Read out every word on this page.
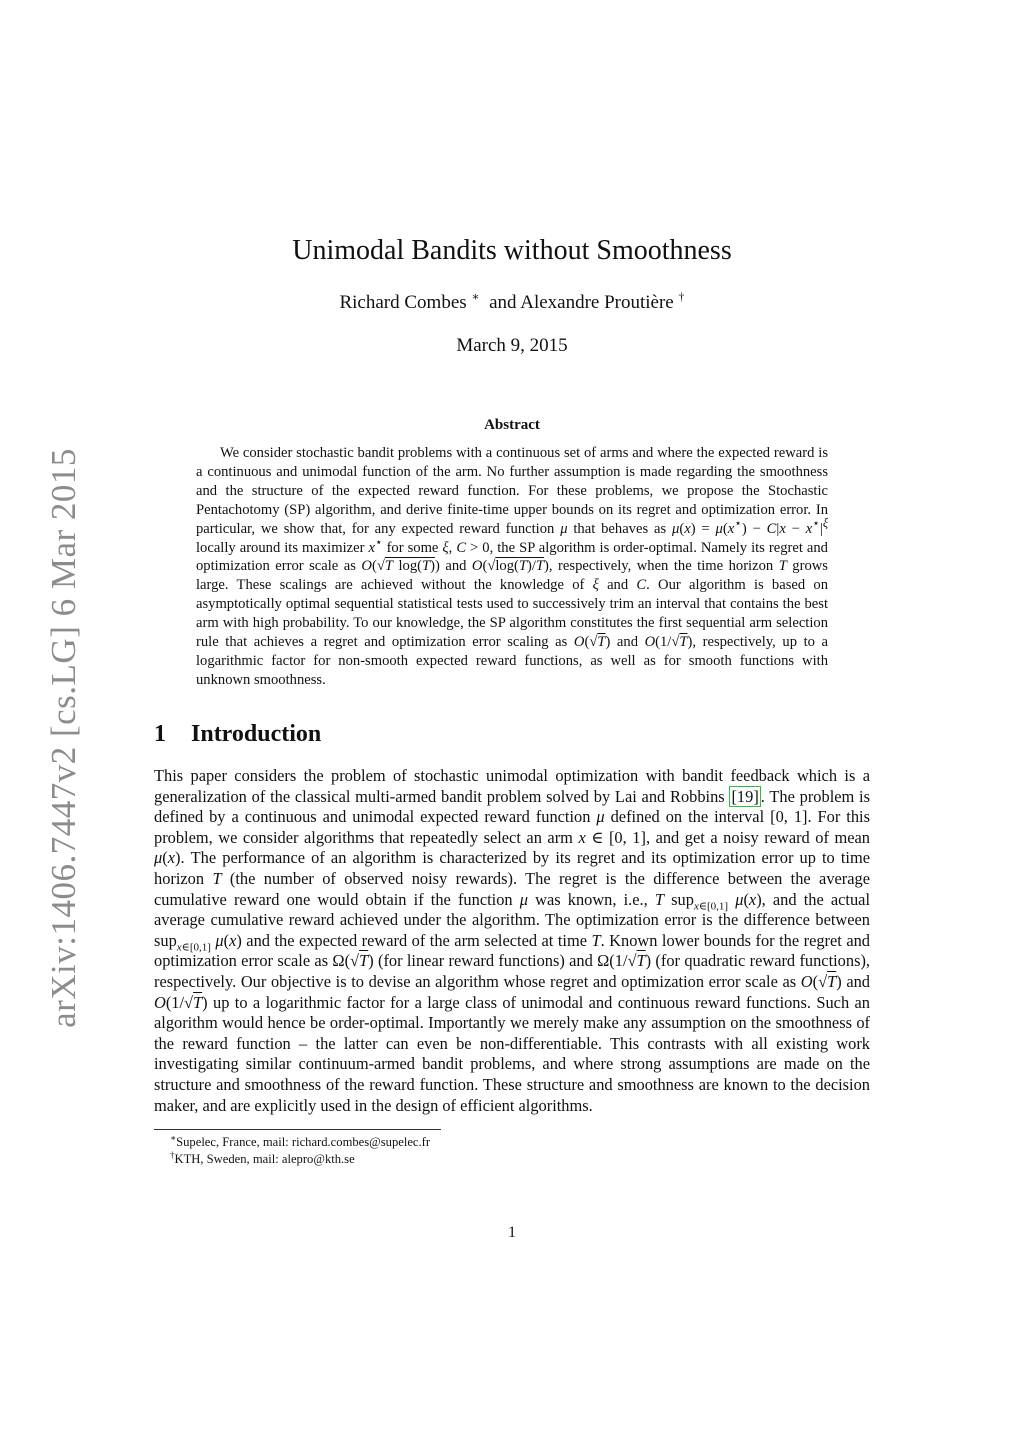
arXiv:1406.7447v2 [cs.LG] 6 Mar 2015
Unimodal Bandits without Smoothness
Richard Combes ∗ and Alexandre Proutière †
March 9, 2015
Abstract

We consider stochastic bandit problems with a continuous set of arms and where the expected reward is a continuous and unimodal function of the arm. No further assumption is made regarding the smoothness and the structure of the expected reward function. For these problems, we propose the Stochastic Pentachotomy (SP) algorithm, and derive finite-time upper bounds on its regret and optimization error. In particular, we show that, for any expected reward function μ that behaves as $\mu(x) = \mu(x^⋆) - C|x - x^⋆|^\xi$ locally around its maximizer x⋆ for some ξ, C > 0, the SP algorithm is order-optimal. Namely its regret and optimization error scale as O(√T log(T)) and O(√log(T)/T), respectively, when the time horizon T grows large. These scalings are achieved without the knowledge of ξ and C. Our algorithm is based on asymptotically optimal sequential statistical tests used to successively trim an interval that contains the best arm with high probability. To our knowledge, the SP algorithm constitutes the first sequential arm selection rule that achieves a regret and optimization error scaling as O(√T) and O(1/√T), respectively, up to a logarithmic factor for non-smooth expected reward functions, as well as for smooth functions with unknown smoothness.

1 Introduction

This paper considers the problem of stochastic unimodal optimization with bandit feedback which is a generalization of the classical multi-armed bandit problem solved by Lai and Robbins [19] . The problem is defined by a continuous and unimodal expected reward function μ defined on the interval [0, 1]. For this problem, we consider algorithms that repeatedly select an arm x ∈ [0, 1], and get a noisy reward of mean μ(x). The performance of an algorithm is characterized by its regret and its optimization error up to time horizon T (the number of observed noisy rewards). The regret is the difference between the average cumulative reward one would obtain if the function μ was known, i.e., T sup$_{x\in[0,1]}$ μ(x), and the actual average cumulative reward achieved under the algorithm. The optimization error is the difference between sup$_{x\in[0,1]}$ μ(x) and the expected reward of the arm selected at time T. Known lower bounds for the regret and optimization error scale as Ω(√T) (for linear reward functions) and Ω(1/√T) (for quadratic reward functions), respectively. Our objective is to devise an algorithm whose regret and optimization error scale as O(√T) and O(1/√T) up to a logarithmic factor for a large class of unimodal and continuous reward functions. Such an algorithm would hence be order-optimal. Importantly we merely make any assumption on the smoothness of the reward function – the latter can even be non-differentiable. This contrasts with all existing work investigating similar continuum-armed bandit problems, and where strong assumptions are made on the structure and smoothness of the reward function. These structure and smoothness are known to the decision maker, and are explicitly used in the design of efficient algorithms.

∗Supelec, France, mail: richard.combes@supelec.fr
†KTH, Sweden, mail: alepro@kth.se
1
